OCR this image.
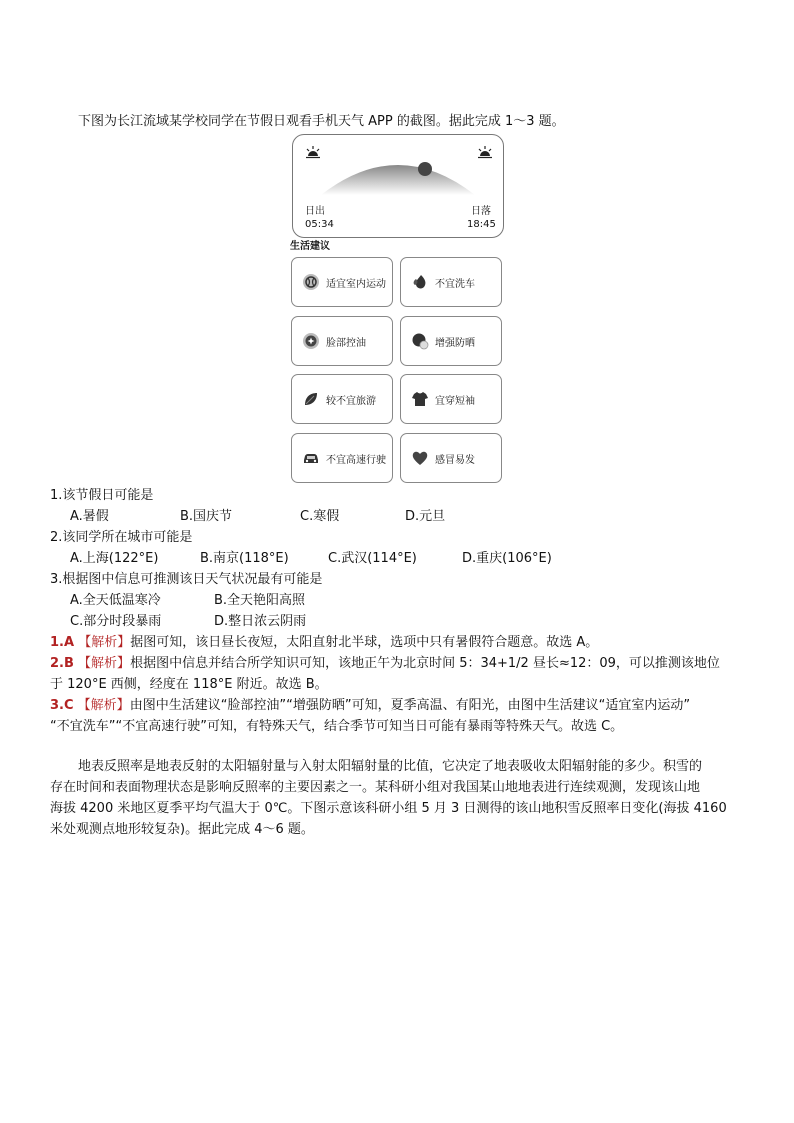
下图为长江流域某学校同学在节假日观看手机天气 APP 的截图。据此完成 1～3 题。
日出
05:34
日落
18:45
生活建议
适宜室内运动	不宜洗车
脸部控油	增强防晒
较不宜旅游	宜穿短袖
不宜高速行驶	感冒易发
1.该节假日可能是
A.暑假	B.国庆节	C.寒假	D.元旦
2.该同学所在城市可能是
A.上海(122°E)	B.南京(118°E)	C.武汉(114°E)	D.重庆(106°E)
3.根据图中信息可推测该日天气状况最有可能是
A.全天低温寒冷	B.全天艳阳高照
C.部分时段暴雨	D.整日浓云阴雨
1.A 【解析】据图可知，该日昼长夜短，太阳直射北半球，选项中只有暑假符合题意。故选 A。
2.B 【解析】根据图中信息并结合所学知识可知，该地正午为北京时间 5：34+1/2 昼长≈12：09，可以推测该地位
于 120°E 西侧，经度在 118°E 附近。故选 B。
3.C 【解析】由图中生活建议“脸部控油”“增强防晒”可知，夏季高温、有阳光，由图中生活建议“适宜室内运动”
“不宜洗车”“不宜高速行驶”可知，有特殊天气，结合季节可知当日可能有暴雨等特殊天气。故选 C。
地表反照率是地表反射的太阳辐射量与入射太阳辐射量的比值，它决定了地表吸收太阳辐射能的多少。积雪的
存在时间和表面物理状态是影响反照率的主要因素之一。某科研小组对我国某山地地表进行连续观测，发现该山地
海拔 4200 米地区夏季平均气温大于 0℃。下图示意该科研小组 5 月 3 日测得的该山地积雪反照率日变化(海拔 4160
米处观测点地形较复杂)。据此完成 4～6 题。
